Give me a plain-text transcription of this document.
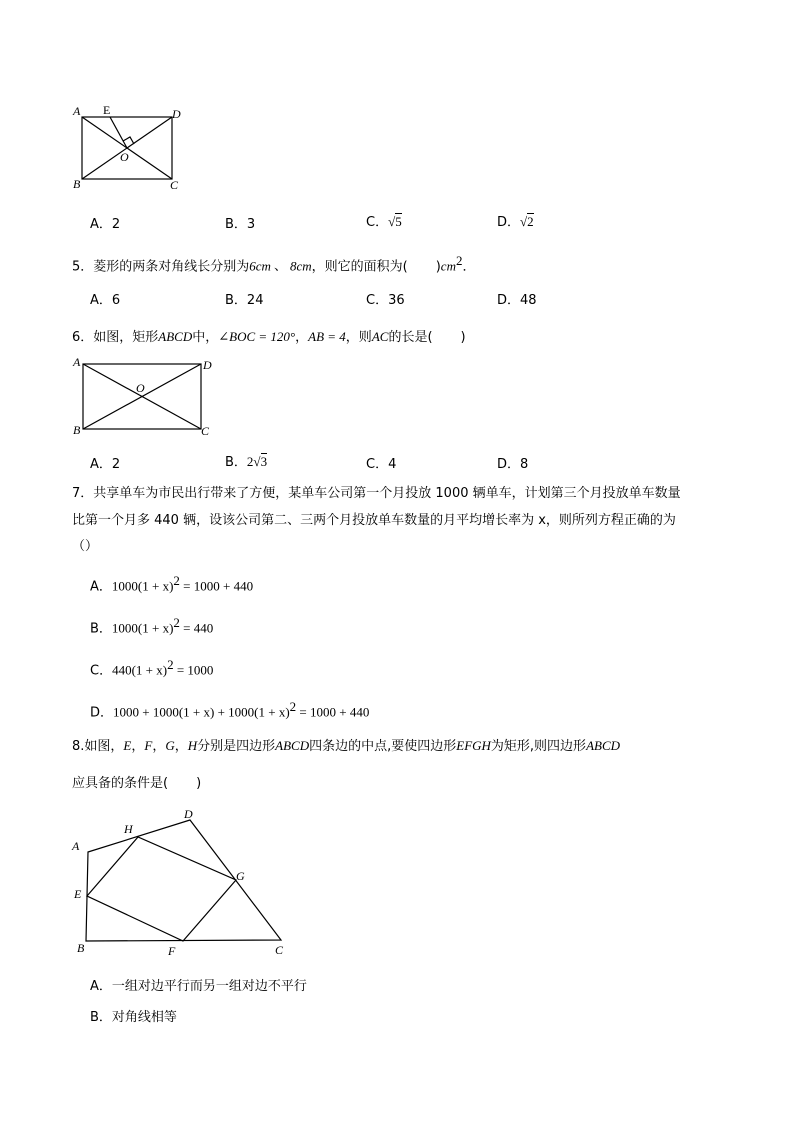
A E	D
O
B	C
A．2	B．3	C．√5	D．√2
5．菱形的两条对角线长分别为6cm 、 8cm，则它的面积为( )$cm^2$．
A．6	B．24	C．36	D．48
6．如图，矩形ABCD中，∠BOC = 120°，AB = 4，则AC的长是( )
A	D
O
B	C
A．2	B．2√3	C．4	D．8
7．共享单车为市民出行带来了方便，某单车公司第一个月投放 1000 辆单车，计划第三个月投放单车数量
比第一个月多 440 辆，设该公司第二、三两个月投放单车数量的月平均增长率为 x，则所列方程正确的为
（）
A．$1000(1 + x)^2 = 1000 + 440$
B．$1000(1 + x)^2 = 440$
C．$440(1 + x)^2 = 1000$
D．$1000 + 1000(1 + x) + 1000(1 + x)^2 = 1000 + 440$
8.如图，E，F，G，H分别是四边形ABCD四条边的中点,要使四边形EFGH为矩形,则四边形ABCD
应具备的条件是( )
A
H
D
E
G
B	F	C
A．一组对边平行而另一组对边不平行
B．对角线相等
